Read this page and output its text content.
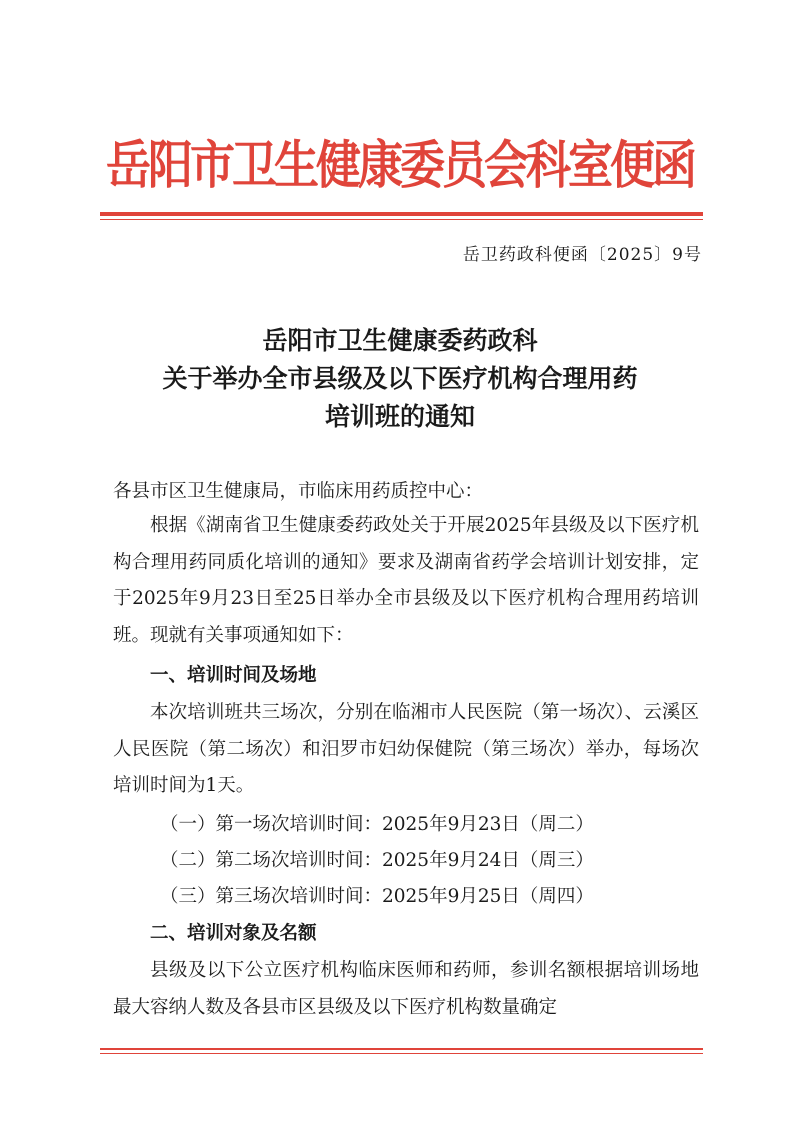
岳阳市卫生健康委员会科室便函
岳卫药政科便函〔2025〕9号
岳阳市卫生健康委药政科
关于举办全市县级及以下医疗机构合理用药
培训班的通知
各县市区卫生健康局，市临床用药质控中心：
根据《湖南省卫生健康委药政处关于开展2025年县级及以下医疗机构合理用药同质化培训的通知》要求及湖南省药学会培训计划安排，定于2025年9月23日至25日举办全市县级及以下医疗机构合理用药培训班。现就有关事项通知如下：
一、培训时间及场地
本次培训班共三场次，分别在临湘市人民医院（第一场次）、云溪区人民医院（第二场次）和汨罗市妇幼保健院（第三场次）举办，每场次培训时间为1天。
（一）第一场次培训时间：2025年9月23日（周二）
（二）第二场次培训时间：2025年9月24日（周三）
（三）第三场次培训时间：2025年9月25日（周四）
二、培训对象及名额
县级及以下公立医疗机构临床医师和药师，参训名额根据培训场地最大容纳人数及各县市区县级及以下医疗机构数量确定
